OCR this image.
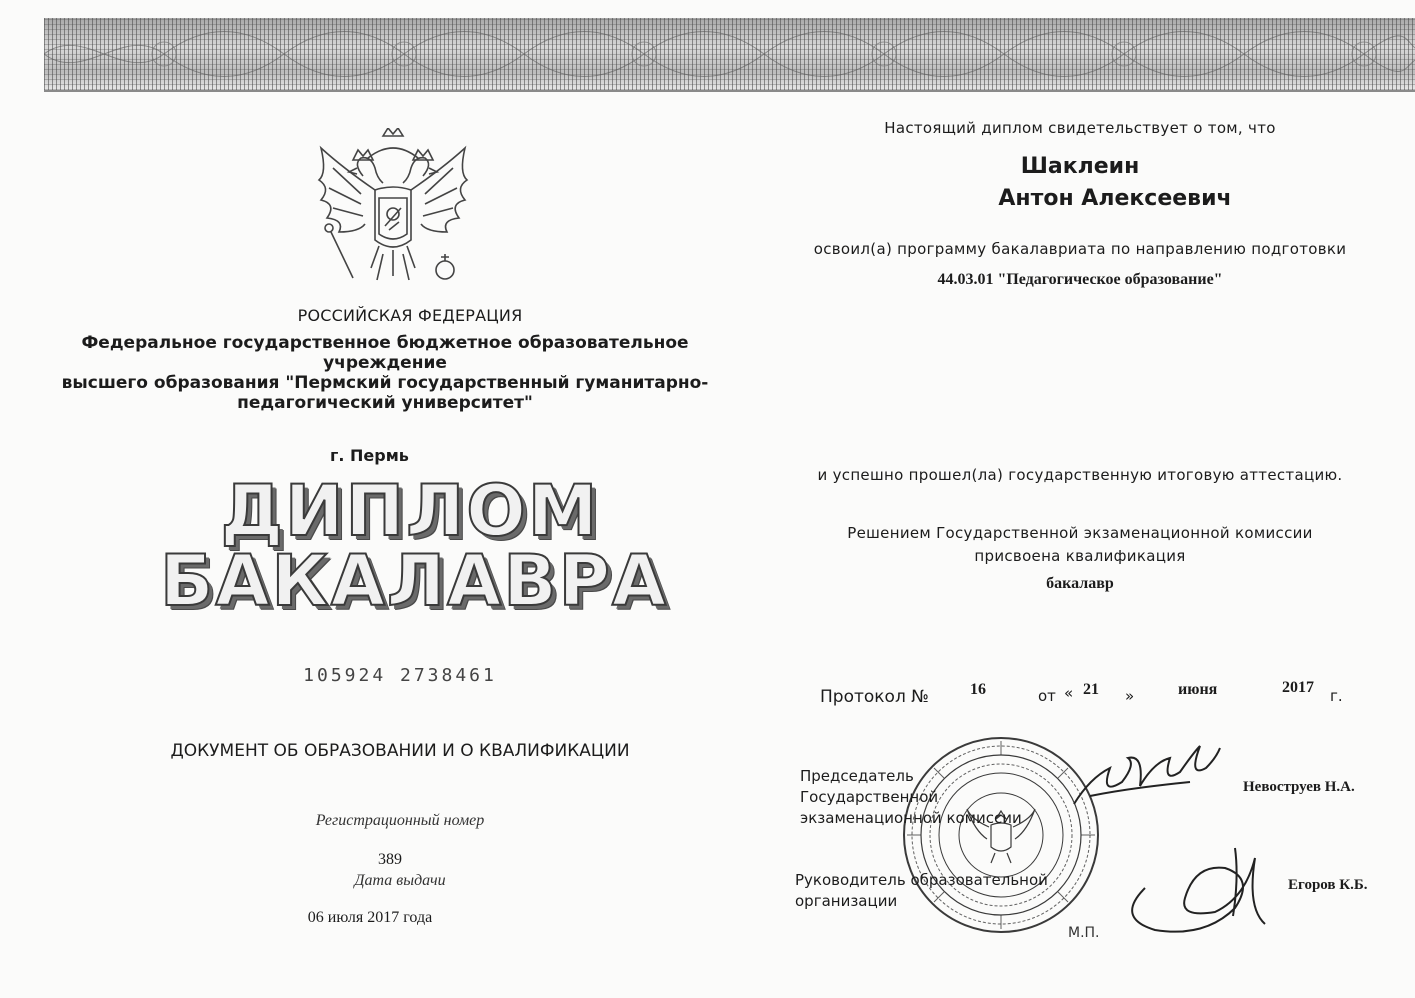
РОССИЙСКАЯ ФЕДЕРАЦИЯ
Федеральное государственное бюджетное образовательное учреждение
высшего образования "Пермский государственный гуманитарно-
педагогический университет"
г. Пермь
ДИПЛОМ
БАКАЛАВРА
105924 2738461
ДОКУМЕНТ ОБ ОБРАЗОВАНИИ И О КВАЛИФИКАЦИИ
Регистрационный номер
389
Дата выдачи
06 июля 2017 года
Настоящий диплом свидетельствует о том, что
Шаклеин
Антон Алексеевич
освоил(а) программу бакалавриата по направлению подготовки
44.03.01 "Педагогическое образование"
и успешно прошел(ла) государственную итоговую аттестацию.
Решением Государственной экзаменационной комиссии
присвоена квалификация
бакалавр
Протокол №	16	от « 21 »	июня	2017 г.
Председатель
Государственной
экзаменационной комиссии
Невоструев Н.А.
Руководитель образовательной
организации
Егоров К.Б.
М.П.
